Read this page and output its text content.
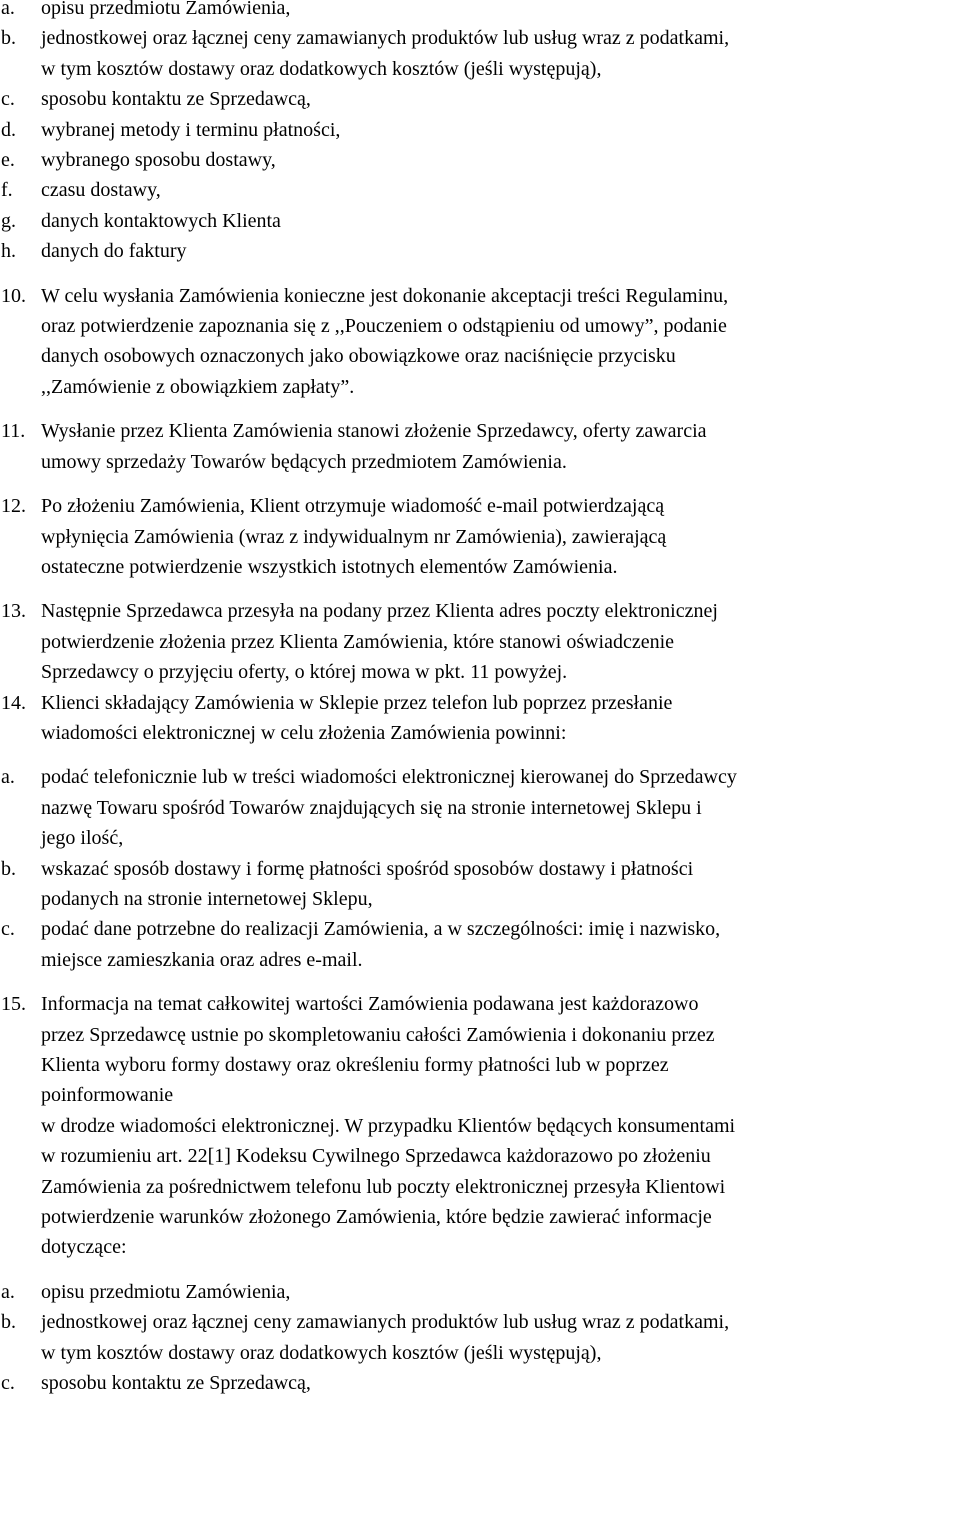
a.	opisu przedmiotu Zamówienia,
b.	jednostkowej oraz łącznej ceny zamawianych produktów lub usług wraz z podatkami,
w tym kosztów dostawy oraz dodatkowych kosztów (jeśli występują),
c.	sposobu kontaktu ze Sprzedawcą,
d.	wybranej metody i terminu płatności,
e.	wybranego sposobu dostawy,
f.	czasu dostawy,
g.	danych kontaktowych Klienta
h.	danych do faktury
10. W celu wysłania Zamówienia konieczne jest dokonanie akceptacji treści Regulaminu,
oraz potwierdzenie zapoznania się z ,,Pouczeniem o odstąpieniu od umowy”, podanie
danych osobowych oznaczonych jako obowiązkowe oraz naciśnięcie przycisku
,,Zamówienie z obowiązkiem zapłaty”.
11. Wysłanie przez Klienta Zamówienia stanowi złożenie Sprzedawcy, oferty zawarcia
umowy sprzedaży Towarów będących przedmiotem Zamówienia.
12. Po złożeniu Zamówienia, Klient otrzymuje wiadomość e-mail potwierdzającą
wpłynięcia Zamówienia (wraz z indywidualnym nr Zamówienia), zawierającą
ostateczne potwierdzenie wszystkich istotnych elementów Zamówienia.
13. Następnie Sprzedawca przesyła na podany przez Klienta adres poczty elektronicznej
potwierdzenie złożenia przez Klienta Zamówienia, które stanowi oświadczenie
Sprzedawcy o przyjęciu oferty, o której mowa w pkt. 11 powyżej.
14. Klienci składający Zamówienia w Sklepie przez telefon lub poprzez przesłanie
wiadomości elektronicznej w celu złożenia Zamówienia powinni:
a.	podać telefonicznie lub w treści wiadomości elektronicznej kierowanej do Sprzedawcy
nazwę Towaru spośród Towarów znajdujących się na stronie internetowej Sklepu i
jego ilość,
b.	wskazać sposób dostawy i formę płatności spośród sposobów dostawy i płatności
podanych na stronie internetowej Sklepu,
c.	podać dane potrzebne do realizacji Zamówienia, a w szczególności: imię i nazwisko,
miejsce zamieszkania oraz adres e-mail.
15. Informacja na temat całkowitej wartości Zamówienia podawana jest każdorazowo
przez Sprzedawcę ustnie po skompletowaniu całości Zamówienia i dokonaniu przez
Klienta wyboru formy dostawy oraz określeniu formy płatności lub w poprzez
poinformowanie
w drodze wiadomości elektronicznej. W przypadku Klientów będących konsumentami
w rozumieniu art. 22[1] Kodeksu Cywilnego Sprzedawca każdorazowo po złożeniu
Zamówienia za pośrednictwem telefonu lub poczty elektronicznej przesyła Klientowi
potwierdzenie warunków złożonego Zamówienia, które będzie zawierać informacje
dotyczące:
a.	opisu przedmiotu Zamówienia,
b.	jednostkowej oraz łącznej ceny zamawianych produktów lub usług wraz z podatkami,
w tym kosztów dostawy oraz dodatkowych kosztów (jeśli występują),
c.	sposobu kontaktu ze Sprzedawcą,
